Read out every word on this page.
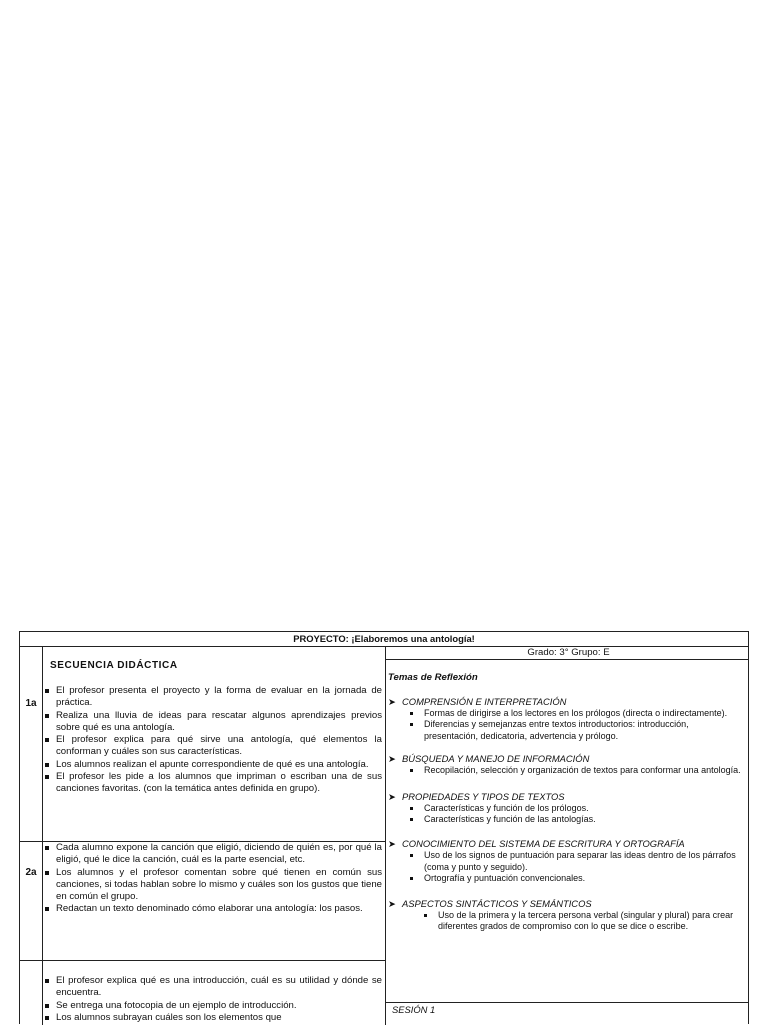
PROYECTO: ¡Elaboremos una antología!
1a
2a
SECUENCIA DIDÁCTICA
El profesor presenta el proyecto y la forma de evaluar en la jornada de práctica.
Realiza una lluvia de ideas para rescatar algunos aprendizajes previos sobre qué es una antología.
El profesor explica para qué sirve una antología, qué elementos la conforman y cuáles son sus características.
Los alumnos realizan el apunte correspondiente de qué es una antología.
El profesor les pide a los alumnos que impriman o escriban una de sus canciones favoritas. (con la temática antes definida en grupo).
Cada alumno expone la canción que eligió, diciendo de quién es, por qué la eligió, qué le dice la canción, cuál es la parte esencial, etc.
Los alumnos y el profesor comentan sobre qué tienen en común sus canciones, si todas hablan sobre lo mismo y cuáles son los gustos que tiene en común el grupo.
Redactan un texto denominado cómo elaborar una antología: los pasos.
El profesor explica qué es una introducción, cuál es su utilidad y dónde se encuentra.
Se entrega una fotocopia de un ejemplo de introducción.
Los alumnos subrayan cuáles son los elementos que
Grado: 3° Grupo: E
Temas de Reflexión
➤ COMPRENSIÓN E INTERPRETACIÓN
Formas de dirigirse a los lectores en los prólogos (directa o indirectamente).
Diferencias y semejanzas entre textos introductorios: introducción, presentación, dedicatoria, advertencia y prólogo.
➤ BÚSQUEDA Y MANEJO DE INFORMACIÓN
Recopilación, selección y organización de textos para conformar una antología.
➤ PROPIEDADES Y TIPOS DE TEXTOS
Características y función de los prólogos.
Características y función de las antologías.
➤ CONOCIMIENTO DEL SISTEMA DE ESCRITURA Y ORTOGRAFÍA
Uso de los signos de puntuación para separar las ideas dentro de los párrafos (coma y punto y seguido).
Ortografía y puntuación convencionales.
➤ ASPECTOS SINTÁCTICOS Y SEMÁNTICOS
Uso de la primera y la tercera persona verbal (singular y plural) para crear diferentes grados de compromiso con lo que se dice o escribe.
SESIÓN 1
